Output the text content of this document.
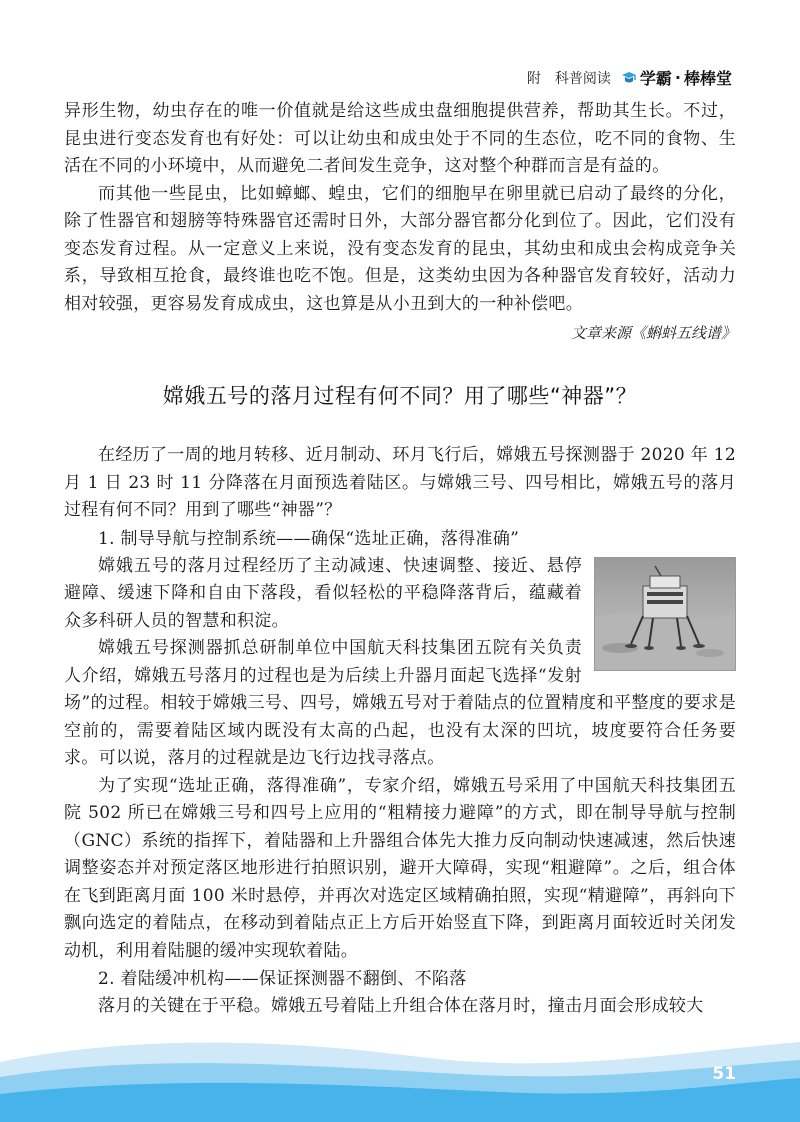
附　科普阅读 学霸 · 棒棒堂

异形生物，幼虫存在的唯一价值就是给这些成虫盘细胞提供营养，帮助其生长。不过，昆虫进行变态发育也有好处：可以让幼虫和成虫处于不同的生态位，吃不同的食物、生活在不同的小环境中，从而避免二者间发生竞争，这对整个种群而言是有益的。

而其他一些昆虫，比如蟑螂、蝗虫，它们的细胞早在卵里就已启动了最终的分化，除了性器官和翅膀等特殊器官还需时日外，大部分器官都分化到位了。因此，它们没有变态发育过程。从一定意义上来说，没有变态发育的昆虫，其幼虫和成虫会构成竞争关系，导致相互抢食，最终谁也吃不饱。但是，这类幼虫因为各种器官发育较好，活动力相对较强，更容易发育成成虫，这也算是从小丑到大的一种补偿吧。

文章来源《蝌蚪五线谱》
嫦娥五号的落月过程有何不同？用了哪些“神器”？

在经历了一周的地月转移、近月制动、环月飞行后，嫦娥五号探测器于 2020 年 12 月 1 日 23 时 11 分降落在月面预选着陆区。与嫦娥三号、四号相比，嫦娥五号的落月过程有何不同？用到了哪些“神器”？

1. 制导导航与控制系统——确保“选址正确，落得准确”

嫦娥五号的落月过程经历了主动减速、快速调整、接近、悬停避障、缓速下降和自由下落段，看似轻松的平稳降落背后，蕴藏着众多科研人员的智慧和积淀。

嫦娥五号探测器抓总研制单位中国航天科技集团五院有关负责人介绍，嫦娥五号落月的过程也是为后续上升器月面起飞选择“发射场”的过程。相较于嫦娥三号、四号，嫦娥五号对于着陆点的位置精度和平整度的要求是空前的，需要着陆区域内既没有太高的凸起，也没有太深的凹坑，坡度要符合任务要求。可以说，落月的过程就是边飞行边找寻落点。

为了实现“选址正确，落得准确”，专家介绍，嫦娥五号采用了中国航天科技集团五院 502 所已在嫦娥三号和四号上应用的“粗精接力避障”的方式，即在制导导航与控制（GNC）系统的指挥下，着陆器和上升器组合体先大推力反向制动快速减速，然后快速调整姿态并对预定落区地形进行拍照识别，避开大障碍，实现“粗避障”。之后，组合体在飞到距离月面 100 米时悬停，并再次对选定区域精确拍照，实现“精避障”，再斜向下飘向选定的着陆点，在移动到着陆点正上方后开始竖直下降，到距离月面较近时关闭发动机，利用着陆腿的缓冲实现软着陆。

2. 着陆缓冲机构——保证探测器不翻倒、不陷落

落月的关键在于平稳。嫦娥五号着陆上升组合体在落月时，撞击月面会形成较大

51
